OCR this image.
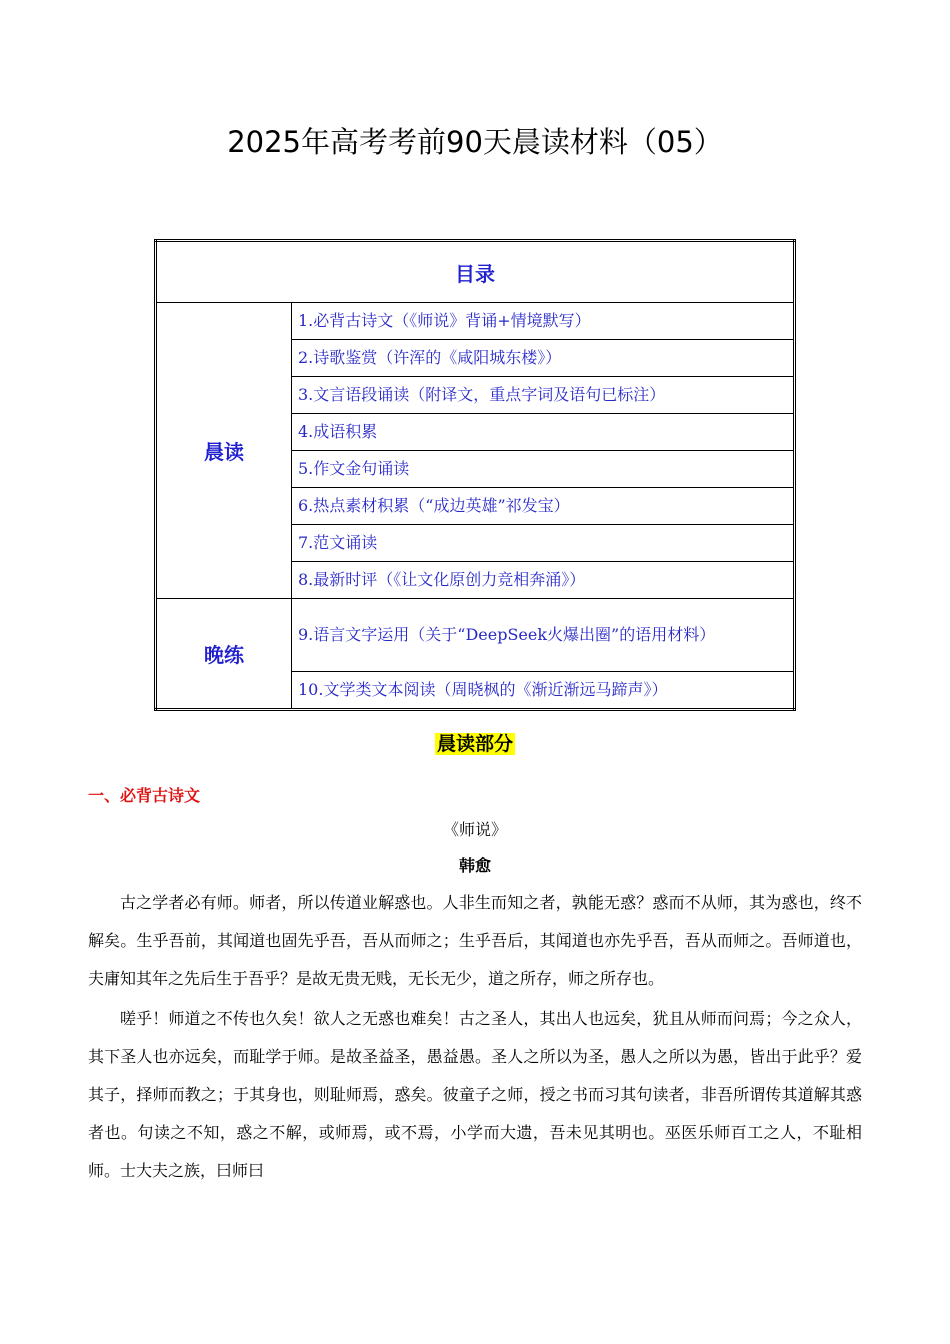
2025年高考考前90天晨读材料（05）
目录	
晨读	1.必背古诗文（《师说》背诵+情境默写）
	2.诗歌鉴赏（许浑的《咸阳城东楼》）
	3.文言语段诵读（附译文，重点字词及语句已标注）
	4.成语积累
	5.作文金句诵读
	6.热点素材积累（“成边英雄”祁发宝）
	7.范文诵读
	8.最新时评（《让文化原创力竞相奔涌》）
晚练	9.语言文字运用（关于“DeepSeek火爆出圈”的语用材料）
	10.文学类文本阅读（周晓枫的《渐近渐远马蹄声》）
晨读部分
一、必背古诗文
《师说》
韩愈

古之学者必有师。师者，所以传道业解惑也。人非生而知之者，孰能无惑？惑而不从师，其为惑也，终不解矣。生乎吾前，其闻道也固先乎吾，吾从而师之；生乎吾后，其闻道也亦先乎吾，吾从而师之。吾师道也，夫庸知其年之先后生于吾乎？是故无贵无贱，无长无少，道之所存，师之所存也。

嗟乎！师道之不传也久矣！欲人之无惑也难矣！古之圣人，其出人也远矣，犹且从师而问焉；今之众人，其下圣人也亦远矣，而耻学于师。是故圣益圣，愚益愚。圣人之所以为圣，愚人之所以为愚，皆出于此乎？爱其子，择师而教之；于其身也，则耻师焉，惑矣。彼童子之师，授之书而习其句读者，非吾所谓传其道解其惑者也。句读之不知，惑之不解，或师焉，或不焉，小学而大遗，吾未见其明也。巫医乐师百工之人，不耻相师。士大夫之族，曰师曰
